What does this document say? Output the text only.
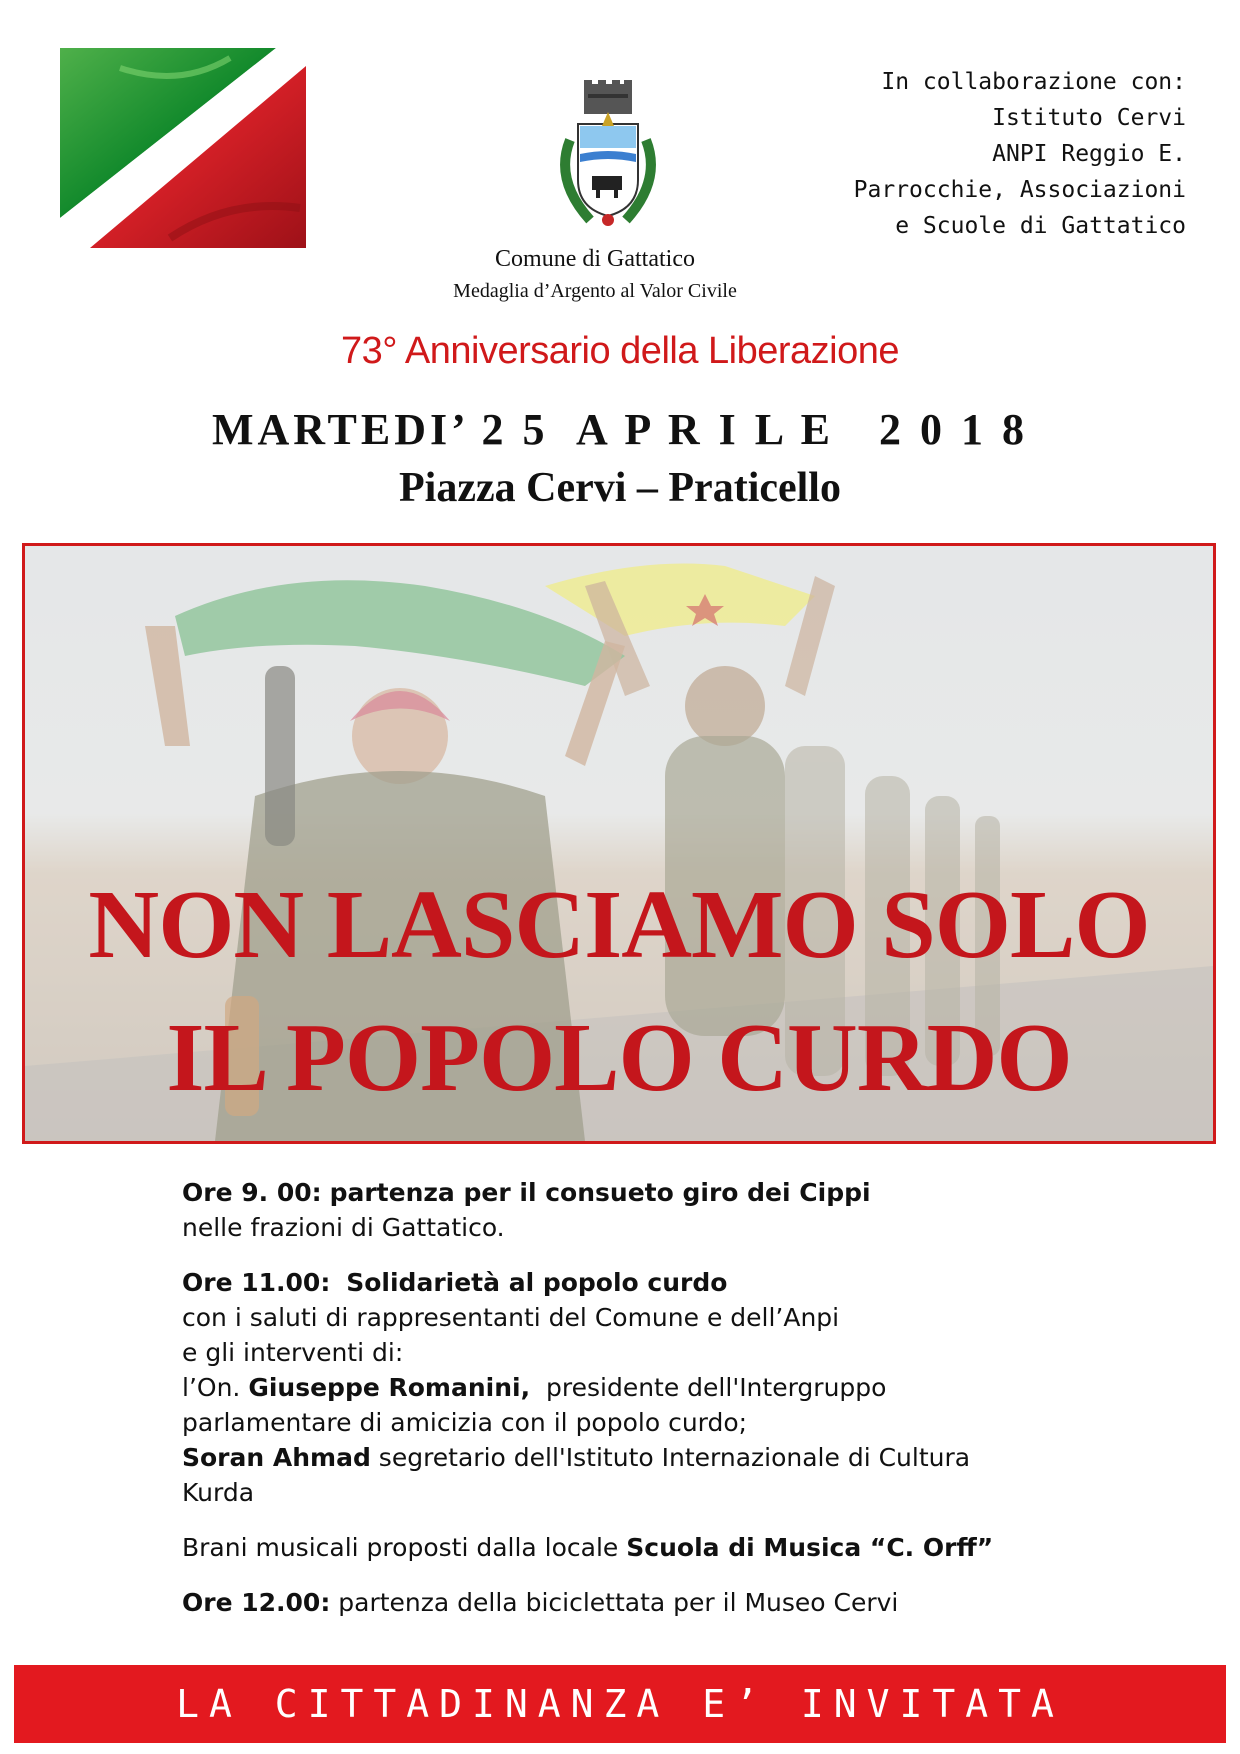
Comune di Gattatico
Medaglia d’Argento al Valor Civile
In collaborazione con:
Istituto Cervi
ANPI Reggio E.
Parrocchie, Associazioni
e Scuole di Gattatico
73° Anniversario della Liberazione
MARTEDI’ 2 5  A P R I L E   2 0 1 8
Piazza Cervi – Praticello
NON LASCIAMO SOLO
IL POPOLO CURDO
Ore 9. 00: partenza per il consueto giro dei Cippi
nelle frazioni di Gattatico.
Ore 11.00: Solidarietà al popolo curdo
con i saluti di rappresentanti del Comune e dell’Anpi
e gli interventi di:
l’On. Giuseppe Romanini, presidente dell'Intergruppo
parlamentare di amicizia con il popolo curdo;
Soran Ahmad segretario dell'Istituto Internazionale di Cultura
Kurda
Brani musicali proposti dalla locale Scuola di Musica “C. Orff”
Ore 12.00: partenza della biciclettata per il Museo Cervi
LA CITTADINANZA E’ INVITATA
